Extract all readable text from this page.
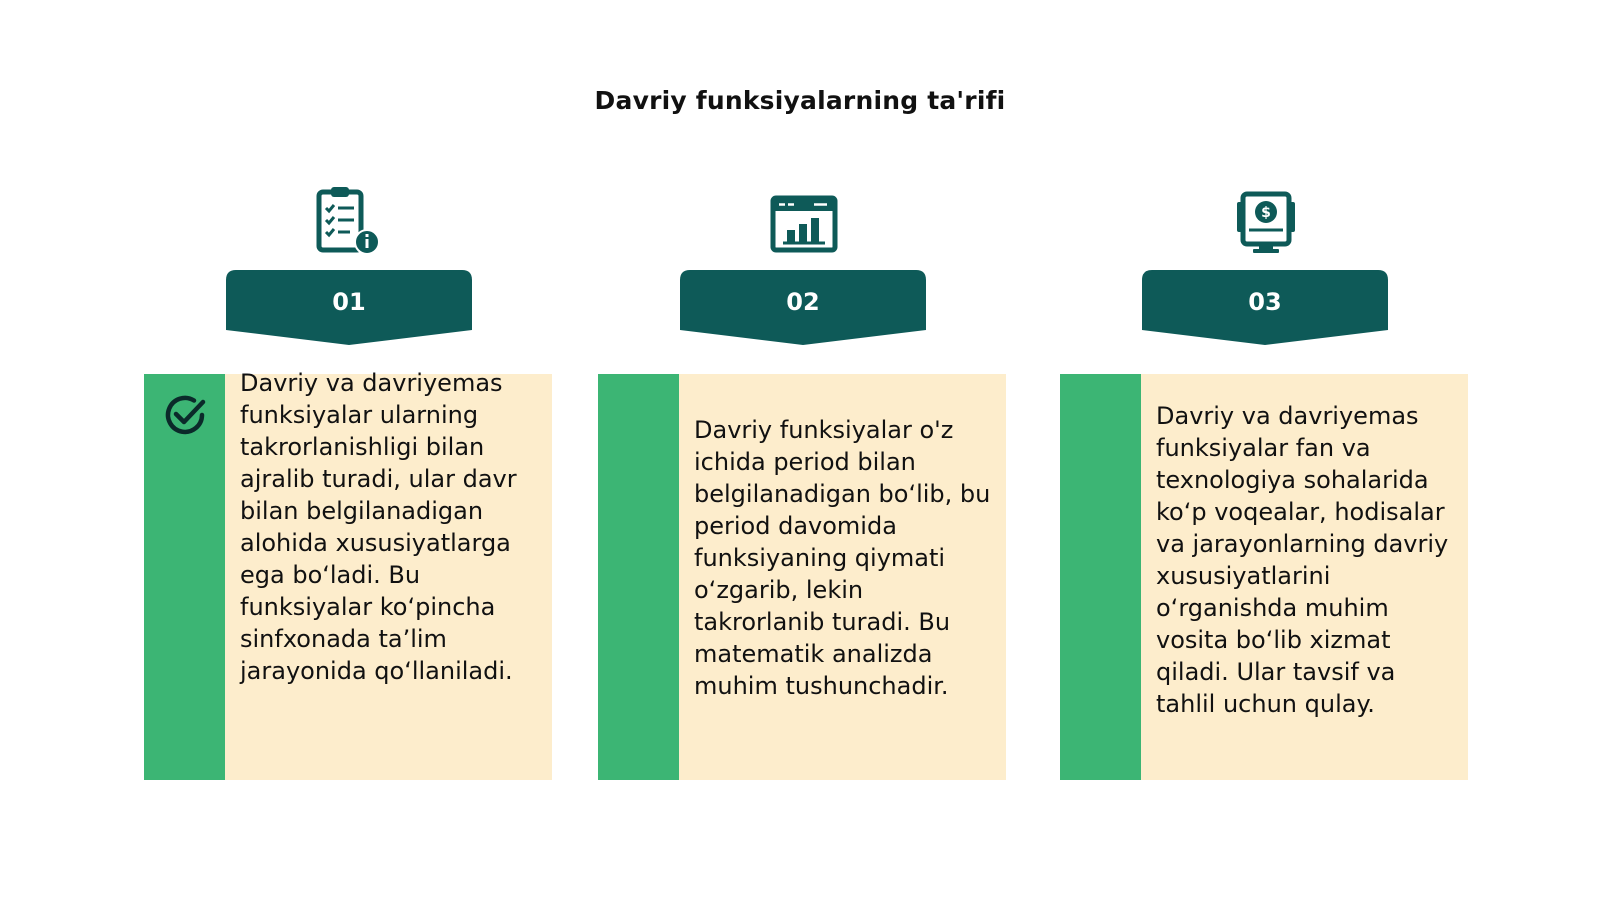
Davriy funksiyalarning ta'rifi
01
Davriy va davriyemas funksiyalar ularning takrorlanishligi bilan ajralib turadi, ular davr bilan belgilanadigan alohida xususiyatlarga ega bo‘ladi. Bu funksiyalar ko‘pincha sinfxonada ta’lim jarayonida qo‘llaniladi.
02
Davriy funksiyalar o'z ichida period bilan belgilanadigan bo‘lib, bu period davomida funksiyaning qiymati o‘zgarib, lekin takrorlanib turadi. Bu matematik analizda muhim tushunchadir.
$
03
Davriy va davriyemas funksiyalar fan va texnologiya sohalarida ko‘p voqealar, hodisalar va jarayonlarning davriy xususiyatlarini o‘rganishda muhim vosita bo‘lib xizmat qiladi. Ular tavsif va tahlil uchun qulay.
